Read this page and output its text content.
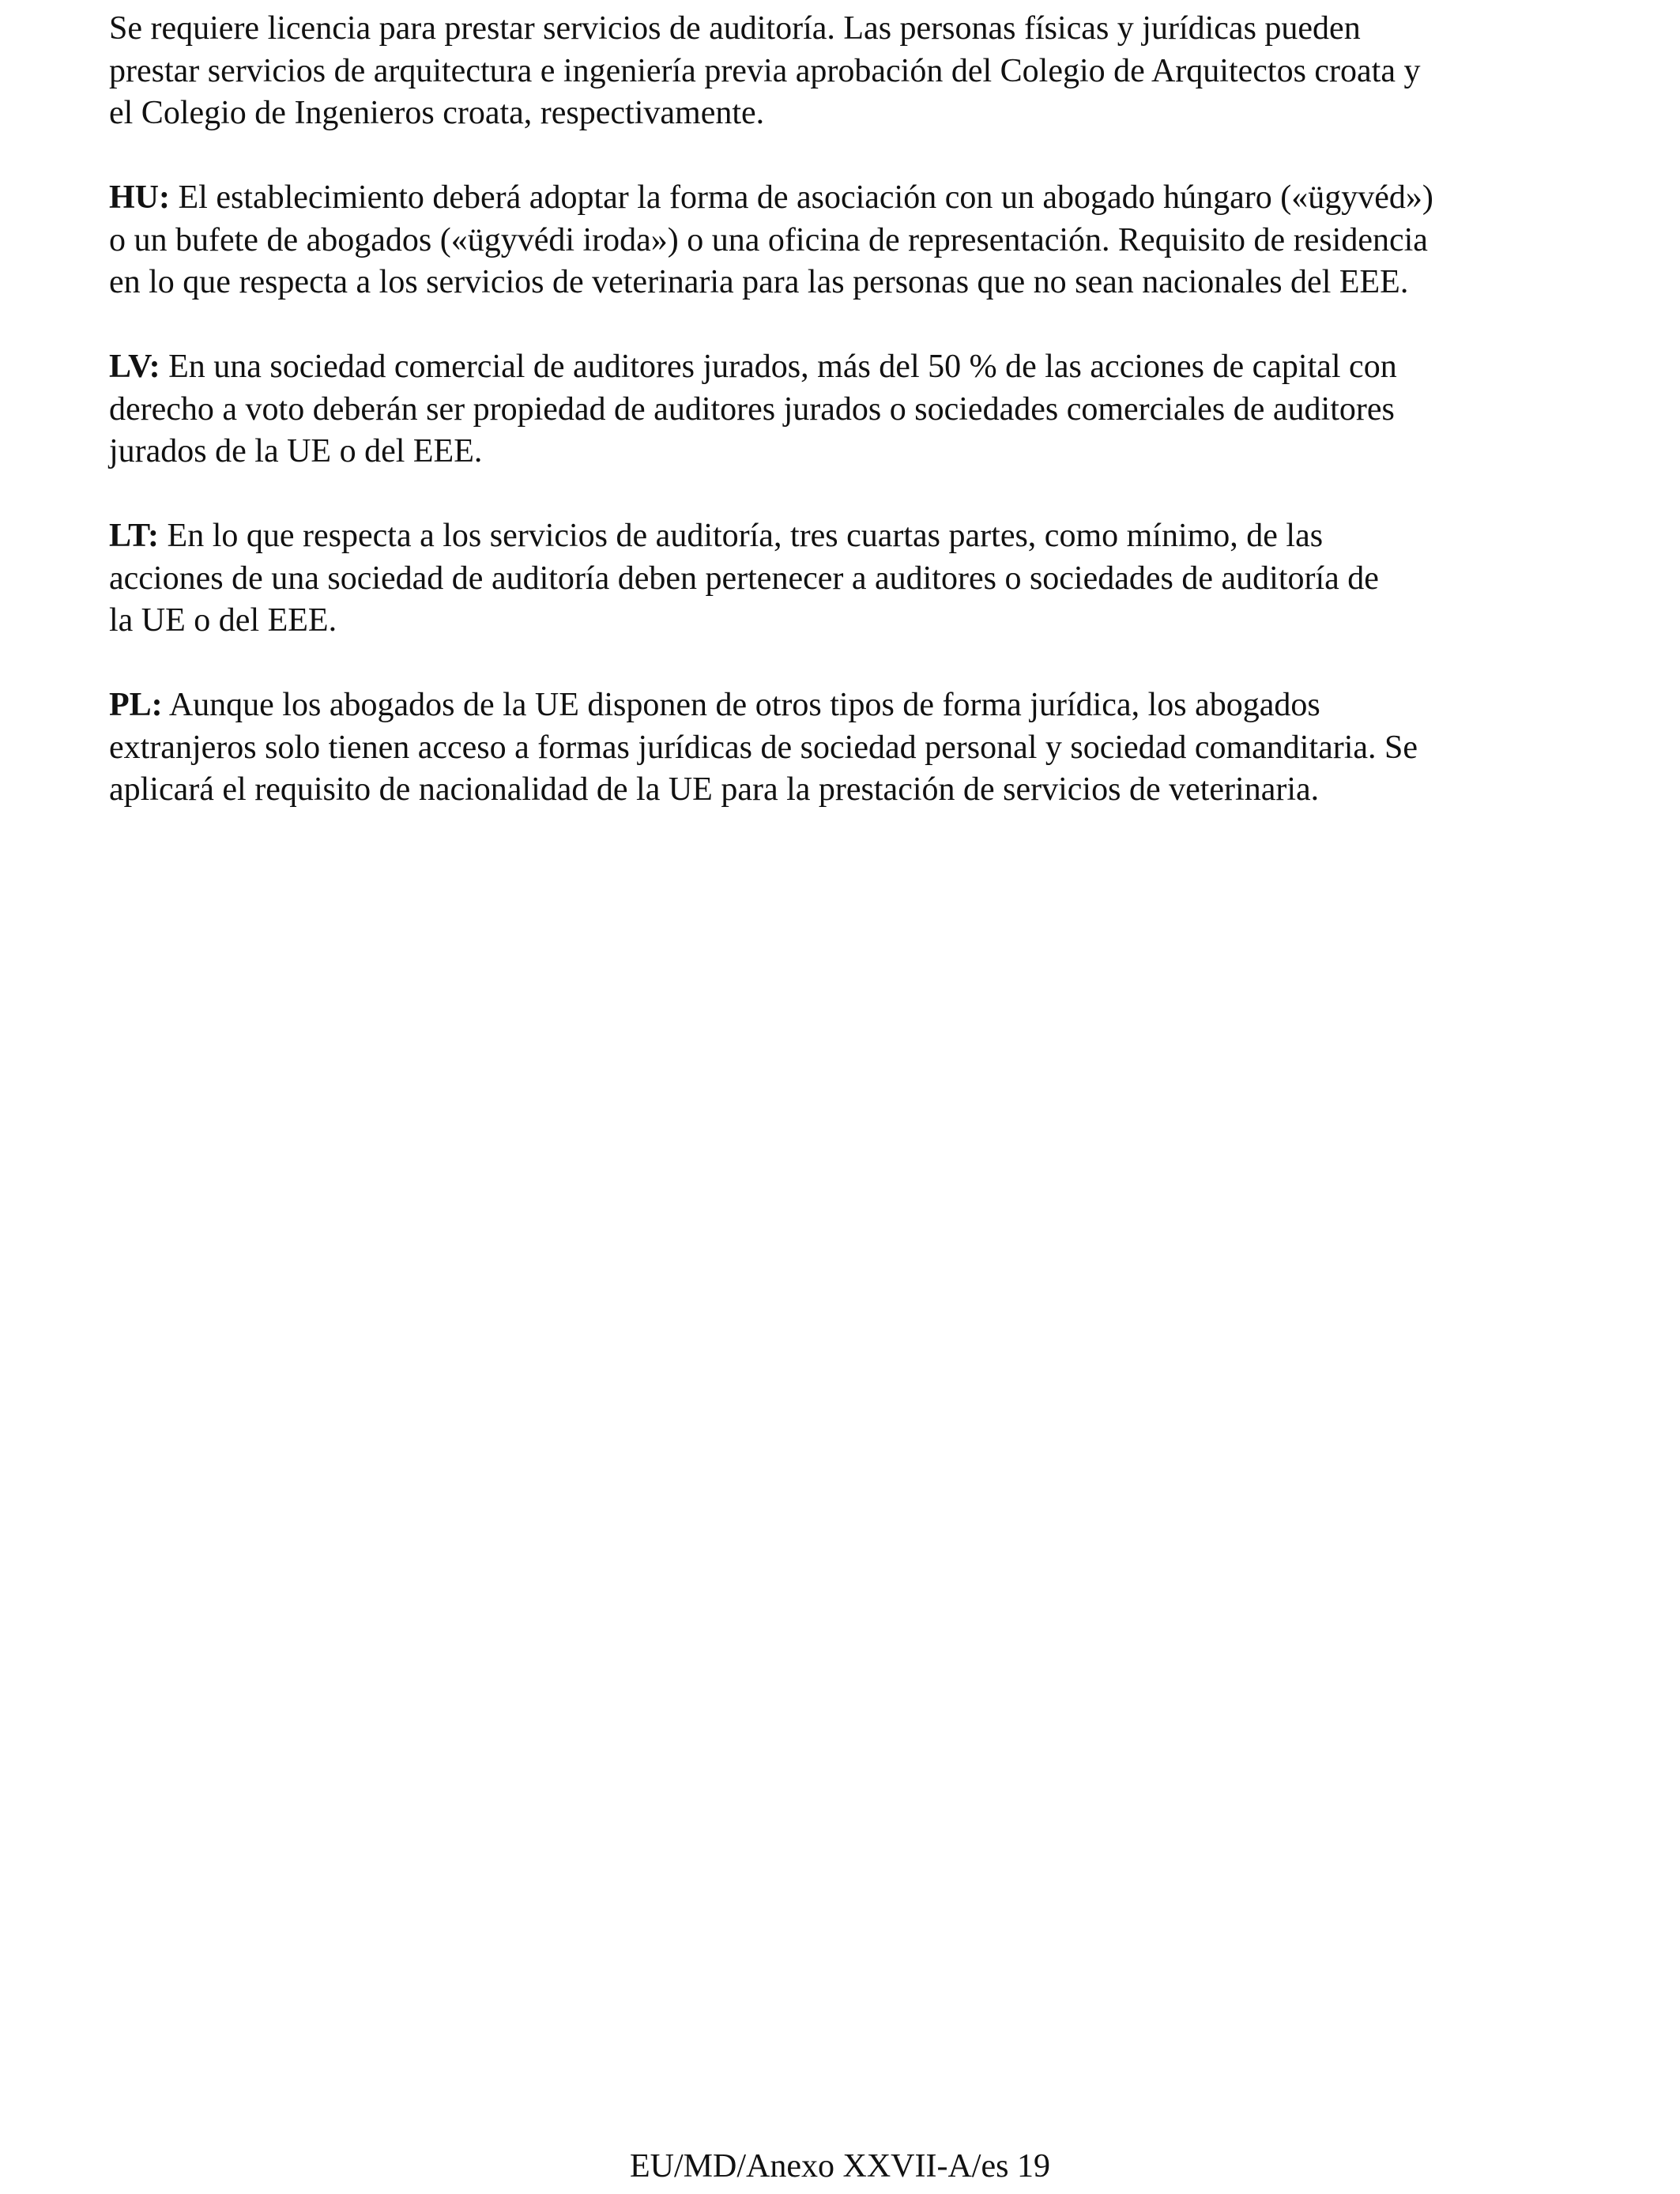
Se requiere licencia para prestar servicios de auditoría. Las personas físicas y jurídicas pueden
prestar servicios de arquitectura e ingeniería previa aprobación del Colegio de Arquitectos croata y
el Colegio de Ingenieros croata, respectivamente.

HU: El establecimiento deberá adoptar la forma de asociación con un abogado húngaro («ügyvéd»)
o un bufete de abogados («ügyvédi iroda») o una oficina de representación. Requisito de residencia
en lo que respecta a los servicios de veterinaria para las personas que no sean nacionales del EEE.

LV: En una sociedad comercial de auditores jurados, más del 50 % de las acciones de capital con
derecho a voto deberán ser propiedad de auditores jurados o sociedades comerciales de auditores
jurados de la UE o del EEE.

LT: En lo que respecta a los servicios de auditoría, tres cuartas partes, como mínimo, de las
acciones de una sociedad de auditoría deben pertenecer a auditores o sociedades de auditoría de
la UE o del EEE.

PL: Aunque los abogados de la UE disponen de otros tipos de forma jurídica, los abogados
extranjeros solo tienen acceso a formas jurídicas de sociedad personal y sociedad comanditaria. Se
aplicará el requisito de nacionalidad de la UE para la prestación de servicios de veterinaria.

EU/MD/Anexo XXVII-A/es 19
